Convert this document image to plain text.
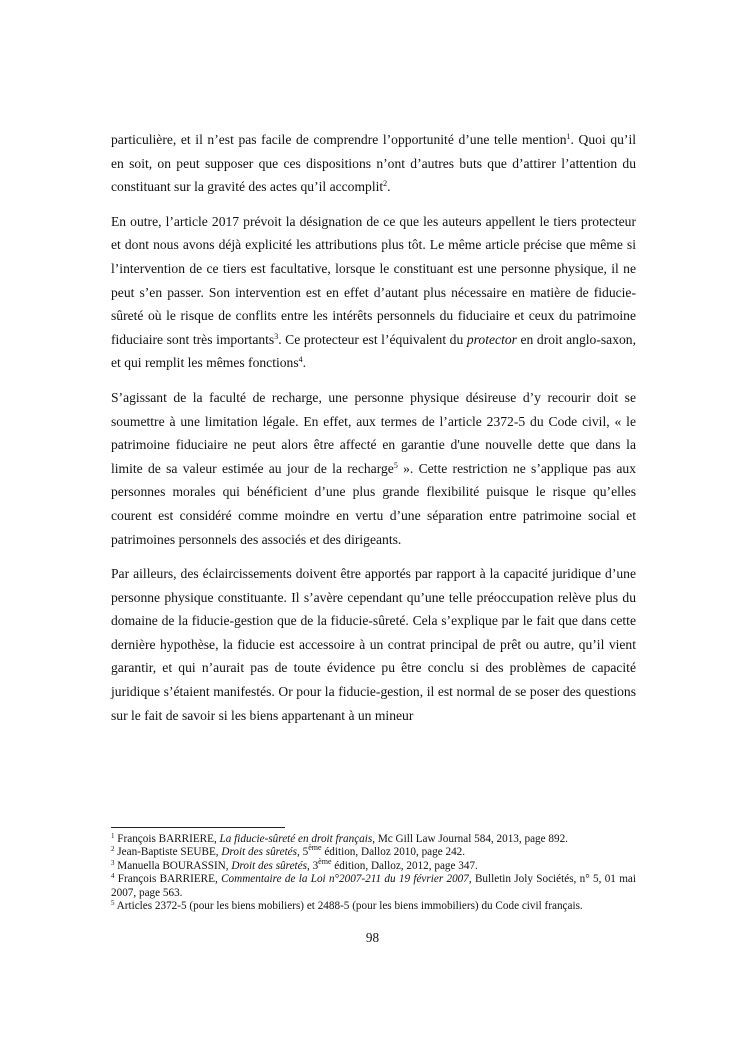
particulière, et il n’est pas facile de comprendre l’opportunité d’une telle mention$^1$. Quoi qu’il en soit, on peut supposer que ces dispositions n’ont d’autres buts que d’attirer l’attention du constituant sur la gravité des actes qu’il accomplit$^2$.

En outre, l’article 2017 prévoit la désignation de ce que les auteurs appellent le tiers protecteur et dont nous avons déjà explicité les attributions plus tôt. Le même article précise que même si l’intervention de ce tiers est facultative, lorsque le constituant est une personne physique, il ne peut s’en passer. Son intervention est en effet d’autant plus nécessaire en matière de fiducie-sûreté où le risque de conflits entre les intérêts personnels du fiduciaire et ceux du patrimoine fiduciaire sont très importants$^3$. Ce protecteur est l’équivalent du protector en droit anglo-saxon, et qui remplit les mêmes fonctions$^4$.

S’agissant de la faculté de recharge, une personne physique désireuse d’y recourir doit se soumettre à une limitation légale. En effet, aux termes de l’article 2372-5 du Code civil, « le patrimoine fiduciaire ne peut alors être affecté en garantie d'une nouvelle dette que dans la limite de sa valeur estimée au jour de la recharge$^5$ ». Cette restriction ne s’applique pas aux personnes morales qui bénéficient d’une plus grande flexibilité puisque le risque qu’elles courent est considéré comme moindre en vertu d’une séparation entre patrimoine social et patrimoines personnels des associés et des dirigeants.

Par ailleurs, des éclaircissements doivent être apportés par rapport à la capacité juridique d’une personne physique constituante. Il s’avère cependant qu’une telle préoccupation relève plus du domaine de la fiducie-gestion que de la fiducie-sûreté. Cela s’explique par le fait que dans cette dernière hypothèse, la fiducie est accessoire à un contrat principal de prêt ou autre, qu’il vient garantir, et qui n’aurait pas de toute évidence pu être conclu si des problèmes de capacité juridique s’étaient manifestés. Or pour la fiducie-gestion, il est normal de se poser des questions sur le fait de savoir si les biens appartenant à un mineur

$^1$ François BARRIERE, La fiducie-sûreté en droit français, Mc Gill Law Journal 584, 2013, page 892.
$^2$ Jean-Baptiste SEUBE, Droit des sûretés, 5ème édition, Dalloz 2010, page 242.
$^3$ Manuella BOURASSIN, Droit des sûretés, 3ème édition, Dalloz, 2012, page 347.
$^4$ François BARRIERE, Commentaire de la Loi n°2007-211 du 19 février 2007, Bulletin Joly Sociétés, n° 5, 01 mai 2007, page 563.
$^5$ Articles 2372-5 (pour les biens mobiliers) et 2488-5 (pour les biens immobiliers) du Code civil français.
98
